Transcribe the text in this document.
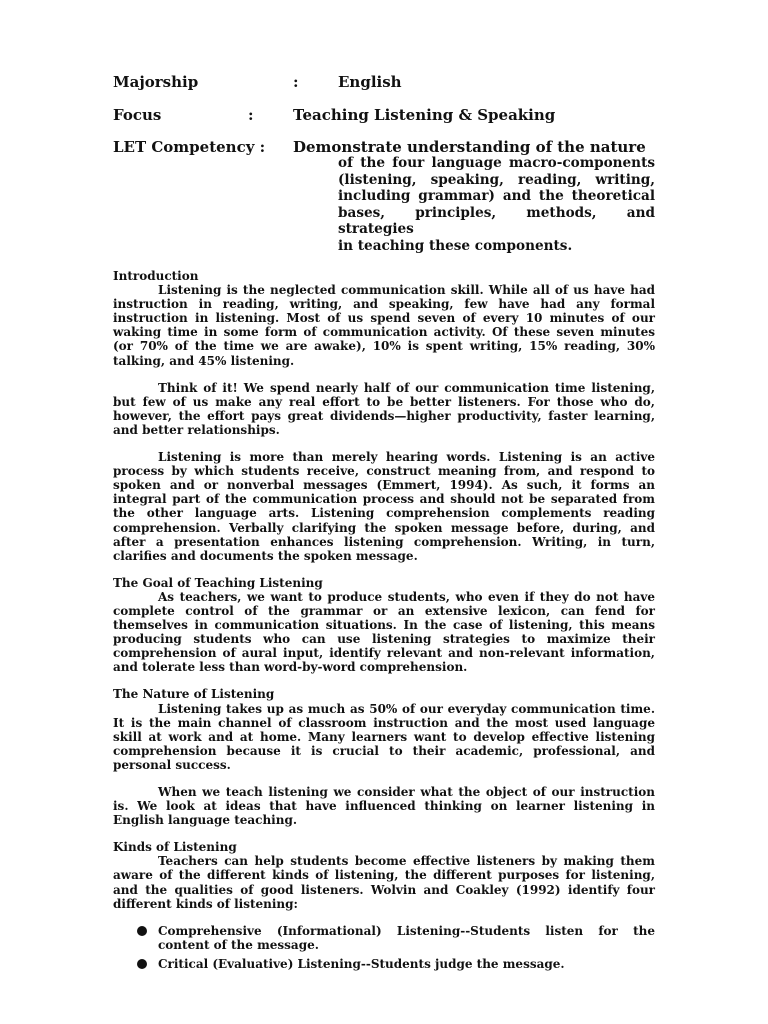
Majorship	:	English
Focus	:	Teaching Listening & Speaking
LET Competency : Demonstrate understanding of the nature
of the four language macro-components
(listening, speaking, reading, writing,
including grammar) and the theoretical
bases, principles, methods, and strategies
in teaching these components.

Introduction

Listening is the neglected communication skill. While all of us have had instruction in reading, writing, and speaking, few have had any formal instruction in listening. Most of us spend seven of every 10 minutes of our waking time in some form of communication activity. Of these seven minutes (or 70% of the time we are awake), 10% is spent writing, 15% reading, 30% talking, and 45% listening.

Think of it! We spend nearly half of our communication time listening, but few of us make any real effort to be better listeners. For those who do, however, the effort pays great dividends—higher productivity, faster learning, and better relationships.

Listening is more than merely hearing words. Listening is an active process by which students receive, construct meaning from, and respond to spoken and or nonverbal messages (Emmert, 1994). As such, it forms an integral part of the communication process and should not be separated from the other language arts. Listening comprehension complements reading comprehension. Verbally clarifying the spoken message before, during, and after a presentation enhances listening comprehension. Writing, in turn, clarifies and documents the spoken message.

The Goal of Teaching Listening

As teachers, we want to produce students, who even if they do not have complete control of the grammar or an extensive lexicon, can fend for themselves in communication situations. In the case of listening, this means producing students who can use listening strategies to maximize their comprehension of aural input, identify relevant and non-relevant information, and tolerate less than word-by-word comprehension.

The Nature of Listening

Listening takes up as much as 50% of our everyday communication time. It is the main channel of classroom instruction and the most used language skill at work and at home. Many learners want to develop effective listening comprehension because it is crucial to their academic, professional, and personal success.

When we teach listening we consider what the object of our instruction is. We look at ideas that have influenced thinking on learner listening in English language teaching.

Kinds of Listening

Teachers can help students become effective listeners by making them aware of the different kinds of listening, the different purposes for listening, and the qualities of good listeners. Wolvin and Coakley (1992) identify four different kinds of listening:

Comprehensive (Informational) Listening--Students listen for the content of the message.
Critical (Evaluative) Listening--Students judge the message.
